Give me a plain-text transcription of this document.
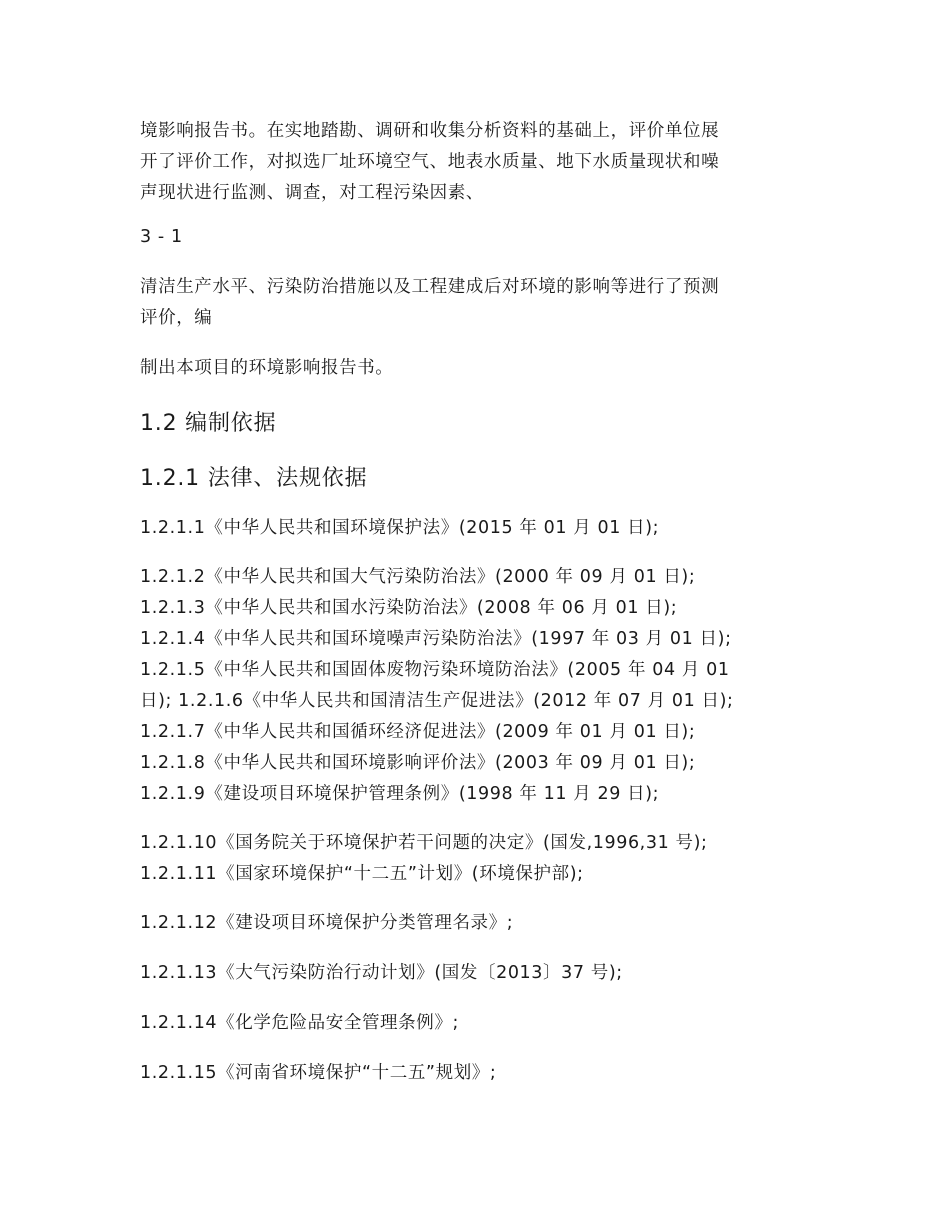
境影响报告书。在实地踏勘、调研和收集分析资料的基础上，评价单位展
开了评价工作，对拟选厂址环境空气、地表水质量、地下水质量现状和噪
声现状进行监测、调查，对工程污染因素、
3 - 1
清洁生产水平、污染防治措施以及工程建成后对环境的影响等进行了预测
评价，编
制出本项目的环境影响报告书。
1.2 编制依据
1.2.1 法律、法规依据
1.2.1.1《中华人民共和国环境保护法》(2015 年 01 月 01 日);
1.2.1.2《中华人民共和国大气污染防治法》(2000 年 09 月 01 日);
1.2.1.3《中华人民共和国水污染防治法》(2008 年 06 月 01 日);
1.2.1.4《中华人民共和国环境噪声污染防治法》(1997 年 03 月 01 日);
1.2.1.5《中华人民共和国固体废物污染环境防治法》(2005 年 04 月 01
日); 1.2.1.6《中华人民共和国清洁生产促进法》(2012 年 07 月 01 日);
1.2.1.7《中华人民共和国循环经济促进法》(2009 年 01 月 01 日);
1.2.1.8《中华人民共和国环境影响评价法》(2003 年 09 月 01 日);
1.2.1.9《建设项目环境保护管理条例》(1998 年 11 月 29 日);
1.2.1.10《国务院关于环境保护若干问题的决定》(国发,1996,31 号);
1.2.1.11《国家环境保护“十二五”计划》(环境保护部);
1.2.1.12《建设项目环境保护分类管理名录》;
1.2.1.13《大气污染防治行动计划》(国发〔2013〕37 号);
1.2.1.14《化学危险品安全管理条例》;
1.2.1.15《河南省环境保护“十二五”规划》;
